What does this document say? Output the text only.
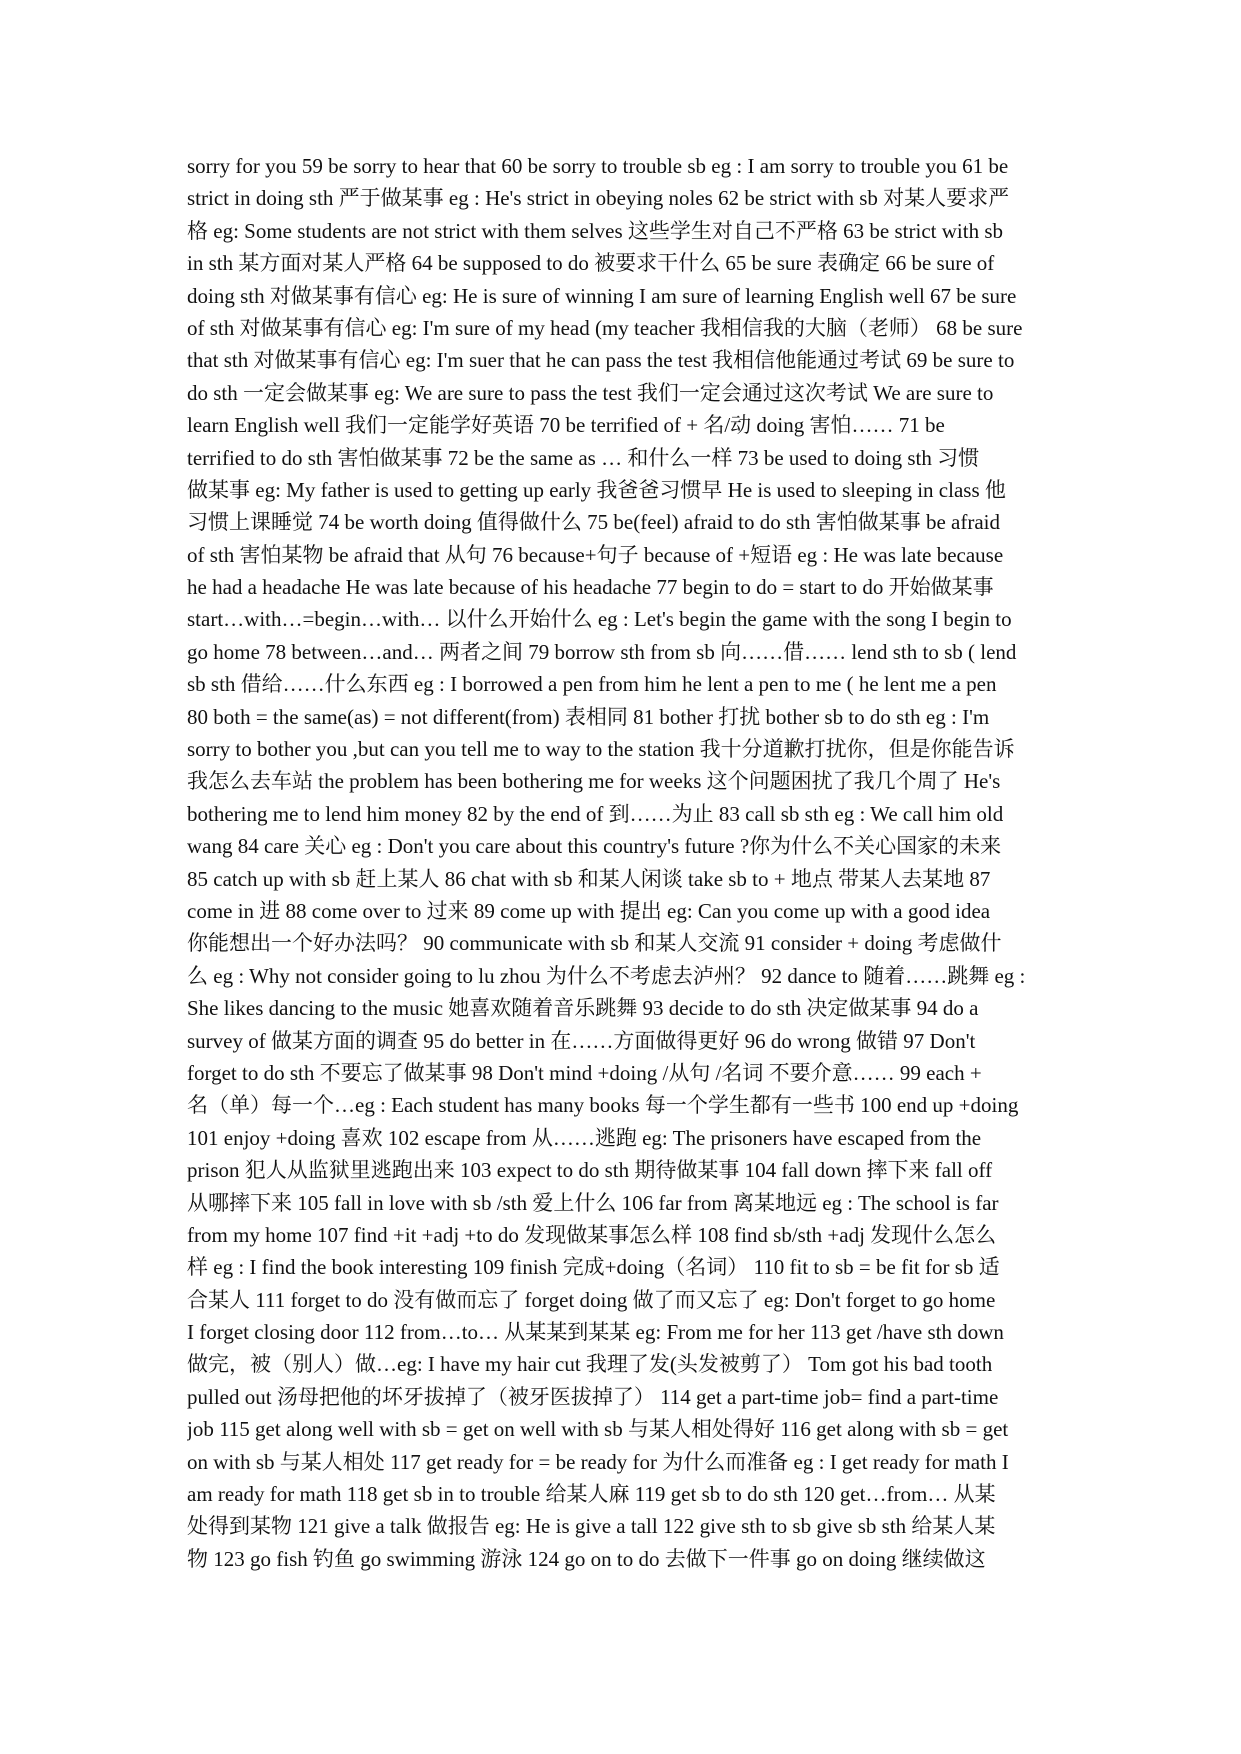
sorry for you 59 be sorry to hear that 60 be sorry to trouble sb eg : I am sorry to trouble you 61 be
strict in doing sth 严于做某事 eg : He's strict in obeying noles 62 be strict with sb 对某人要求严
格 eg: Some students are not strict with them selves 这些学生对自己不严格 63 be strict with sb
in sth 某方面对某人严格 64 be supposed to do 被要求干什么 65 be sure 表确定 66 be sure of
doing sth 对做某事有信心 eg: He is sure of winning I am sure of learning English well 67 be sure
of sth 对做某事有信心 eg: I'm sure of my head (my teacher 我相信我的大脑（老师） 68 be sure
that sth 对做某事有信心 eg: I'm suer that he can pass the test 我相信他能通过考试 69 be sure to
do sth 一定会做某事 eg: We are sure to pass the test 我们一定会通过这次考试 We are sure to
learn English well 我们一定能学好英语 70 be terrified of + 名/动 doing 害怕…… 71 be
terrified to do sth 害怕做某事 72 be the same as … 和什么一样 73 be used to doing sth 习惯
做某事 eg: My father is used to getting up early 我爸爸习惯早 He is used to sleeping in class 他
习惯上课睡觉 74 be worth doing 值得做什么 75 be(feel) afraid to do sth 害怕做某事 be afraid
of sth 害怕某物 be afraid that 从句 76 because+句子 because of +短语 eg : He was late because
he had a headache He was late because of his headache 77 begin to do = start to do 开始做某事
start…with…=begin…with… 以什么开始什么 eg : Let's begin the game with the song I begin to
go home 78 between…and… 两者之间 79 borrow sth from sb 向……借…… lend sth to sb ( lend
sb sth 借给……什么东西 eg : I borrowed a pen from him he lent a pen to me ( he lent me a pen
80 both = the same(as) = not different(from) 表相同 81 bother 打扰 bother sb to do sth eg : I'm
sorry to bother you ,but can you tell me to way to the station 我十分道歉打扰你，但是你能告诉
我怎么去车站 the problem has been bothering me for weeks 这个问题困扰了我几个周了 He's
bothering me to lend him money 82 by the end of 到……为止 83 call sb sth eg : We call him old
wang 84 care 关心 eg : Don't you care about this country's future ?你为什么不关心国家的未来
85 catch up with sb 赶上某人 86 chat with sb 和某人闲谈 take sb to + 地点 带某人去某地 87
come in 进 88 come over to 过来 89 come up with 提出 eg: Can you come up with a good idea
你能想出一个好办法吗？ 90 communicate with sb 和某人交流 91 consider + doing 考虑做什
么 eg : Why not consider going to lu zhou 为什么不考虑去泸州？ 92 dance to 随着……跳舞 eg :
She likes dancing to the music 她喜欢随着音乐跳舞 93 decide to do sth 决定做某事 94 do a
survey of 做某方面的调查 95 do better in 在……方面做得更好 96 do wrong 做错 97 Don't
forget to do sth 不要忘了做某事 98 Don't mind +doing /从句 /名词 不要介意…… 99 each +
名（单）每一个…eg : Each student has many books 每一个学生都有一些书 100 end up +doing
101 enjoy +doing 喜欢 102 escape from 从……逃跑 eg: The prisoners have escaped from the
prison 犯人从监狱里逃跑出来 103 expect to do sth 期待做某事 104 fall down 摔下来 fall off
从哪摔下来 105 fall in love with sb /sth 爱上什么 106 far from 离某地远 eg : The school is far
from my home 107 find +it +adj +to do 发现做某事怎么样 108 find sb/sth +adj 发现什么怎么
样 eg : I find the book interesting 109 finish 完成+doing（名词） 110 fit to sb = be fit for sb 适
合某人 111 forget to do 没有做而忘了 forget doing 做了而又忘了 eg: Don't forget to go home
I forget closing door 112 from…to… 从某某到某某 eg: From me for her 113 get /have sth down
做完，被（别人）做…eg: I have my hair cut 我理了发(头发被剪了） Tom got his bad tooth
pulled out 汤母把他的坏牙拔掉了（被牙医拔掉了） 114 get a part-time job= find a part-time
job 115 get along well with sb = get on well with sb 与某人相处得好 116 get along with sb = get
on with sb 与某人相处 117 get ready for = be ready for 为什么而准备 eg : I get ready for math I
am ready for math 118 get sb in to trouble 给某人麻 119 get sb to do sth 120 get…from… 从某
处得到某物 121 give a talk 做报告 eg: He is give a tall 122 give sth to sb give sb sth 给某人某
物 123 go fish 钓鱼 go swimming 游泳 124 go on to do 去做下一件事 go on doing 继续做这
